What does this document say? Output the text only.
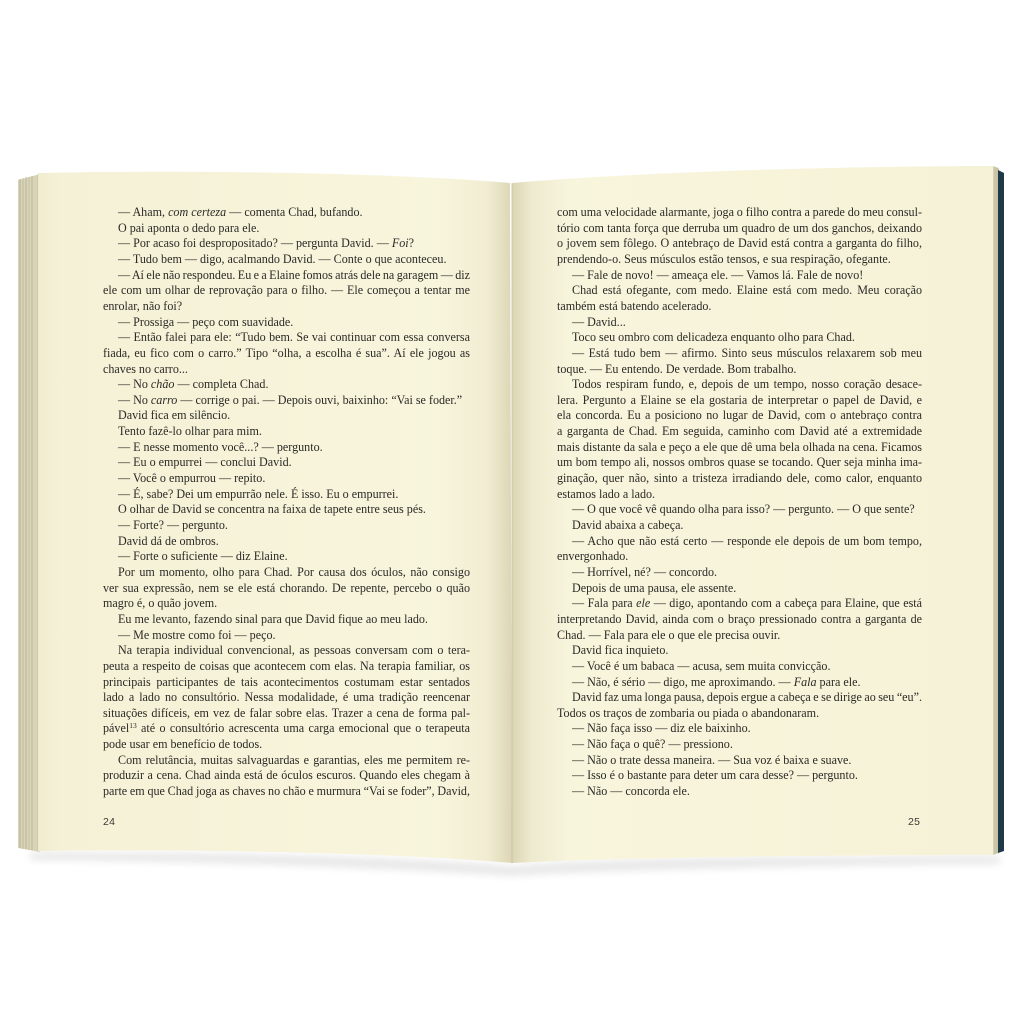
— Aham, com certeza — comenta Chad, bufando.
O pai aponta o dedo para ele.
— Por acaso foi despropositado? — pergunta David. — Foi?
— Tudo bem — digo, acalmando David. — Conte o que aconteceu.
— Aí ele não respondeu. Eu e a Elaine fomos atrás dele na garagem — diz
ele com um olhar de reprovação para o filho. — Ele começou a tentar me
enrolar, não foi?
— Prossiga — peço com suavidade.
— Então falei para ele: “Tudo bem. Se vai continuar com essa conversa
fiada, eu fico com o carro.” Tipo “olha, a escolha é sua”. Aí ele jogou as
chaves no carro...
— No chão — completa Chad.
— No carro — corrige o pai. — Depois ouvi, baixinho: “Vai se foder.”
David fica em silêncio.
Tento fazê-lo olhar para mim.
— E nesse momento você...? — pergunto.
— Eu o empurrei — conclui David.
— Você o empurrou — repito.
— É, sabe? Dei um empurrão nele. É isso. Eu o empurrei.
O olhar de David se concentra na faixa de tapete entre seus pés.
— Forte? — pergunto.
David dá de ombros.
— Forte o suficiente — diz Elaine.
Por um momento, olho para Chad. Por causa dos óculos, não consigo
ver sua expressão, nem se ele está chorando. De repente, percebo o quão
magro é, o quão jovem.
Eu me levanto, fazendo sinal para que David fique ao meu lado.
— Me mostre como foi — peço.
Na terapia individual convencional, as pessoas conversam com o tera-
peuta a respeito de coisas que acontecem com elas. Na terapia familiar, os
principais participantes de tais acontecimentos costumam estar sentados
lado a lado no consultório. Nessa modalidade, é uma tradição reencenar
situações difíceis, em vez de falar sobre elas. Trazer a cena de forma pal-
pável$^{13}$ até o consultório acrescenta uma carga emocional que o terapeuta
pode usar em benefício de todos.
Com relutância, muitas salvaguardas e garantias, eles me permitem re-
produzir a cena. Chad ainda está de óculos escuros. Quando eles chegam à
parte em que Chad joga as chaves no chão e murmura “Vai se foder”, David,
com uma velocidade alarmante, joga o filho contra a parede do meu consul-
tório com tanta força que derruba um quadro de um dos ganchos, deixando
o jovem sem fôlego. O antebraço de David está contra a garganta do filho,
prendendo-o. Seus músculos estão tensos, e sua respiração, ofegante.
— Fale de novo! — ameaça ele. — Vamos lá. Fale de novo!
Chad está ofegante, com medo. Elaine está com medo. Meu coração
também está batendo acelerado.
— David...
Toco seu ombro com delicadeza enquanto olho para Chad.
— Está tudo bem — afirmo. Sinto seus músculos relaxarem sob meu
toque. — Eu entendo. De verdade. Bom trabalho.
Todos respiram fundo, e, depois de um tempo, nosso coração desace-
lera. Pergunto a Elaine se ela gostaria de interpretar o papel de David, e
ela concorda. Eu a posiciono no lugar de David, com o antebraço contra
a garganta de Chad. Em seguida, caminho com David até a extremidade
mais distante da sala e peço a ele que dê uma bela olhada na cena. Ficamos
um bom tempo ali, nossos ombros quase se tocando. Quer seja minha ima-
ginação, quer não, sinto a tristeza irradiando dele, como calor, enquanto
estamos lado a lado.
— O que você vê quando olha para isso? — pergunto. — O que sente?
David abaixa a cabeça.
— Acho que não está certo — responde ele depois de um bom tempo,
envergonhado.
— Horrível, né? — concordo.
Depois de uma pausa, ele assente.
— Fala para ele — digo, apontando com a cabeça para Elaine, que está
interpretando David, ainda com o braço pressionado contra a garganta de
Chad. — Fala para ele o que ele precisa ouvir.
David fica inquieto.
— Você é um babaca — acusa, sem muita convicção.
— Não, é sério — digo, me aproximando. — Fala para ele.
David faz uma longa pausa, depois ergue a cabeça e se dirige ao seu “eu”.
Todos os traços de zombaria ou piada o abandonaram.
— Não faça isso — diz ele baixinho.
— Não faça o quê? — pressiono.
— Não o trate dessa maneira. — Sua voz é baixa e suave.
— Isso é o bastante para deter um cara desse? — pergunto.
— Não — concorda ele.
24	25
